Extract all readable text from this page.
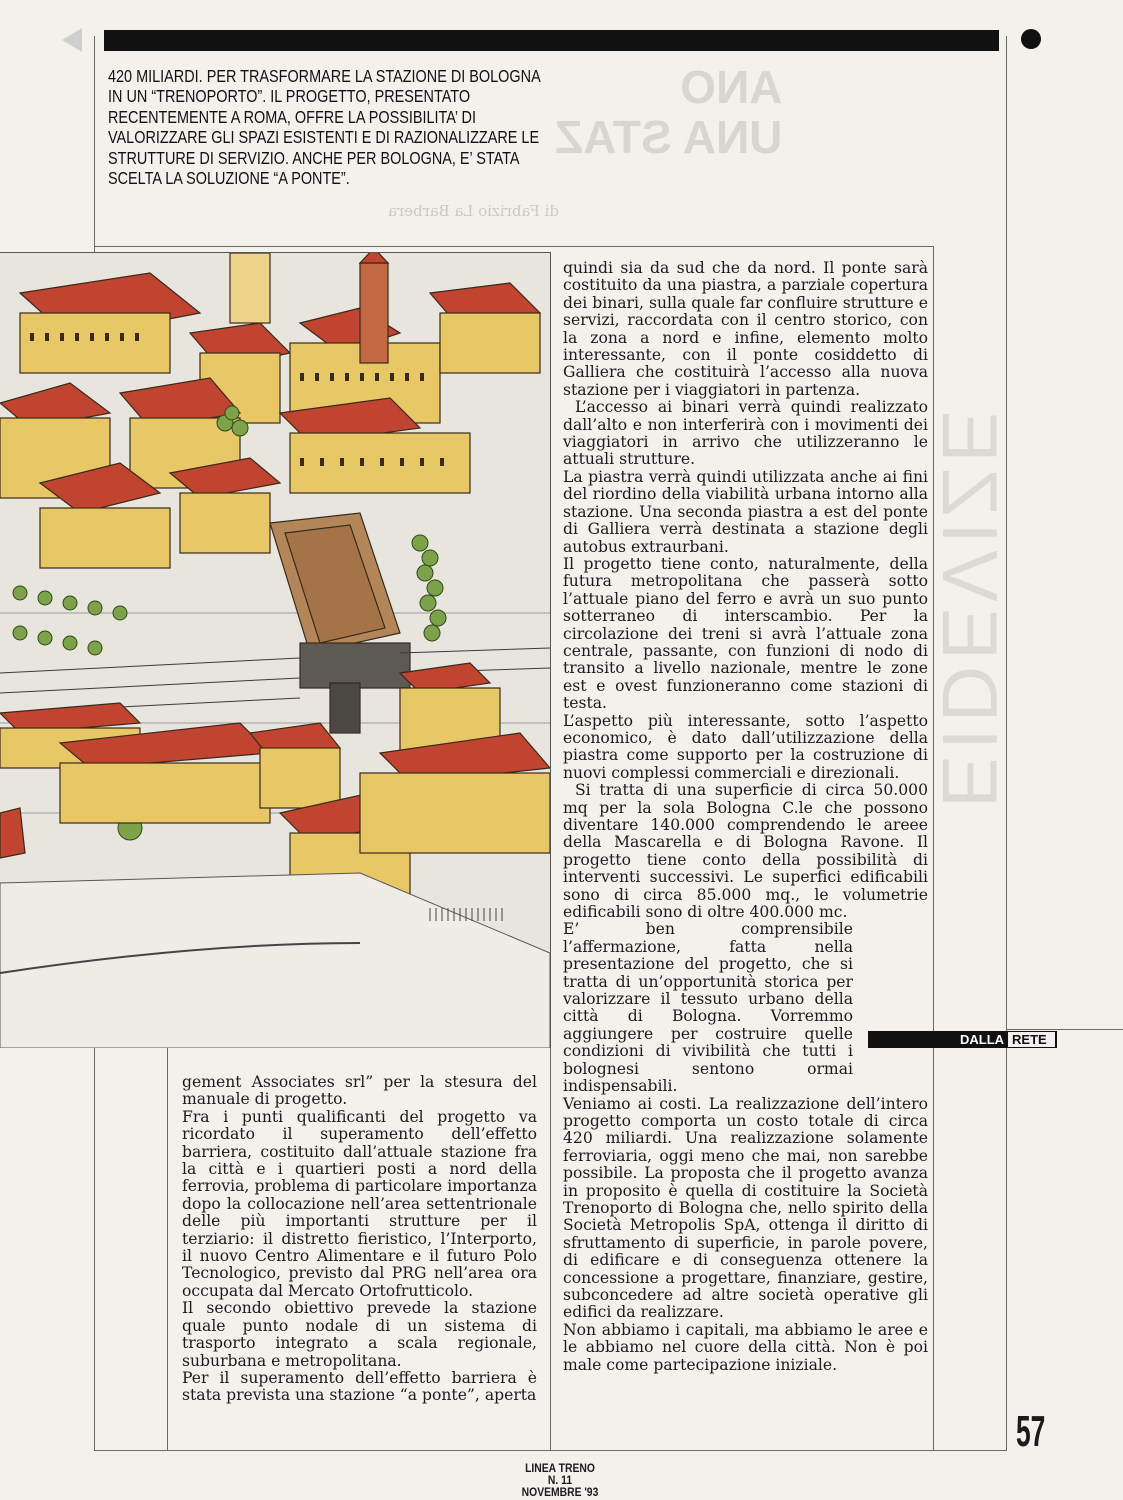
ANO
UNA STAZ
di Fabrizio La Barbera
EIDEVIZE
420 MILIARDI. PER TRASFORMARE LA STAZIONE DI BOLOGNA IN UN “TRENOPORTO”. IL PROGETTO, PRESENTATO RECENTEMENTE A ROMA, OFFRE LA POSSIBILITA’ DI VALORIZZARE GLI SPAZI ESISTENTI E DI RAZIONALIZZARE LE STRUTTURE DI SERVIZIO. ANCHE PER BOLOGNA, E’ STATA SCELTA LA SOLUZIONE “A PONTE”.

quindi sia da sud che da nord. Il ponte sarà costituito da una piastra, a parziale copertura dei binari, sulla quale far confluire strutture e servizi, raccordata con il centro storico, con la zona a nord e infine, elemento molto interessante, con il ponte cosiddetto di Galliera che costituirà l’accesso alla nuova stazione per i viaggiatori in partenza.

L’accesso ai binari verrà quindi realizzato dall’alto e non interferirà con i movimenti dei viaggiatori in arrivo che utilizzeranno le attuali strutture.

La piastra verrà quindi utilizzata anche ai fini del riordino della viabilità urbana intorno alla stazione. Una seconda piastra a est del ponte di Galliera verrà destinata a stazione degli autobus extraurbani.

Il progetto tiene conto, naturalmente, della futura metropolitana che passerà sotto l’attuale piano del ferro e avrà un suo punto sotterraneo di interscambio. Per la circolazione dei treni si avrà l’attuale zona centrale, passante, con funzioni di nodo di transito a livello nazionale, mentre le zone est e ovest funzioneranno come stazioni di testa.

L’aspetto più interessante, sotto l’aspetto economico, è dato dall’utilizzazione della piastra come supporto per la costruzione di nuovi complessi commerciali e direzionali.

Si tratta di una superficie di circa 50.000 mq per la sola Bologna C.le che possono diventare 140.000 comprendendo le areee della Mascarella e di Bologna Ravone. Il progetto tiene conto della possibilità di interventi successivi. Le superfici edificabili sono di circa 85.000 mq., le volumetrie edificabili sono di oltre 400.000 mc.

E’ ben comprensibile l’affermazione, fatta nella presentazione del progetto, che si tratta di un’opportunità storica per valorizzare il tessuto urbano della città di Bologna. Vorremmo aggiungere per costruire quelle condizioni di vivibilità che tutti i bolognesi sentono ormai indispensabili.

Veniamo ai costi. La realizzazione dell’intero progetto comporta un costo totale di circa 420 miliardi. Una realizzazione solamente ferroviaria, oggi meno che mai, non sarebbe possibile. La proposta che il progetto avanza in proposito è quella di costituire la Società Trenoporto di Bologna che, nello spirito della Società Metropolis SpA, ottenga il diritto di sfruttamento di superficie, in parole povere, di edificare e di conseguenza ottenere la concessione a progettare, finanziare, gestire, subconcedere ad altre società operative gli edifici da realizzare.

Non abbiamo i capitali, ma abbiamo le aree e le abbiamo nel cuore della città. Non è poi male come partecipazione iniziale.

gement Associates srl” per la stesura del manuale di progetto.

Fra i punti qualificanti del progetto va ricordato il superamento dell’effetto barriera, costituito dall’attuale stazione fra la città e i quartieri posti a nord della ferrovia, problema di particolare importanza dopo la collocazione nell’area settentrionale delle più importanti strutture per il terziario: il distretto fieristico, l’Interporto, il nuovo Centro Alimentare e il futuro Polo Tecnologico, previsto dal PRG nell’area ora occupata dal Mercato Ortofrutticolo.

Il secondo obiettivo prevede la stazione quale punto nodale di un sistema di trasporto integrato a scala regionale, suburbana e metropolitana.

Per il superamento dell’effetto barriera è stata prevista una stazione “a ponte”, aperta

DALLA RETE
57
LINEA TRENO
N. 11
NOVEMBRE '93
